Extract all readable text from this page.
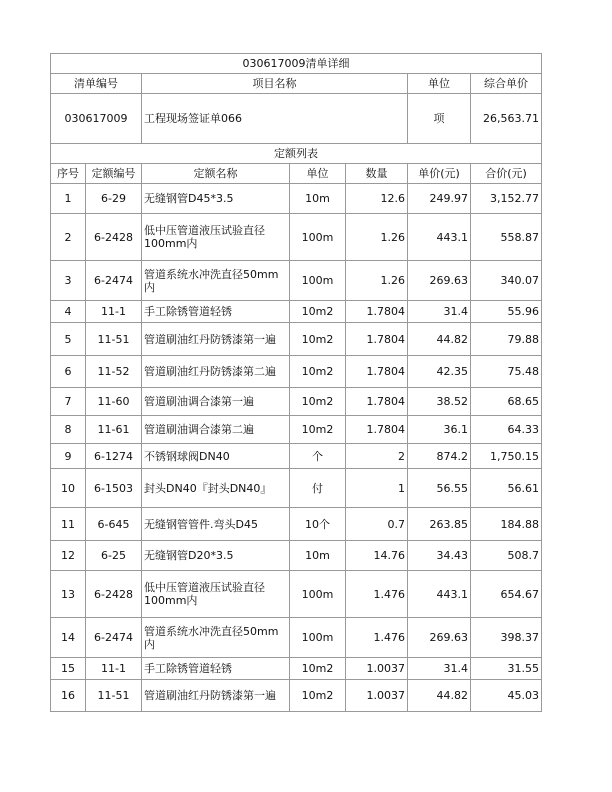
030617009清单详细						
清单编号		项目名称			单位	综合单价
030617009		工程现场签证单066			项	26,563.71
定额列表						
序号	定额编号	定额名称	单位	数量	单价(元)	合价(元)
1	6-29	无缝钢管D45*3.5	10m	12.6	249.97	3,152.77
2	6-2428	低中压管道液压试验直径100mm内	100m	1.26	443.1	558.87
3	6-2474	管道系统水冲洗直径50mm内	100m	1.26	269.63	340.07
4	11-1	手工除锈管道轻锈	10m2	1.7804	31.4	55.96
5	11-51	管道刷油红丹防锈漆第一遍	10m2	1.7804	44.82	79.88
6	11-52	管道刷油红丹防锈漆第二遍	10m2	1.7804	42.35	75.48
7	11-60	管道刷油调合漆第一遍	10m2	1.7804	38.52	68.65
8	11-61	管道刷油调合漆第二遍	10m2	1.7804	36.1	64.33
9	6-1274	不锈钢球阀DN40	个	2	874.2	1,750.15
10	6-1503	封头DN40『封头DN40』	付	1	56.55	56.61
11	6-645	无缝钢管管件.弯头D45	10个	0.7	263.85	184.88
12	6-25	无缝钢管D20*3.5	10m	14.76	34.43	508.7
13	6-2428	低中压管道液压试验直径100mm内	100m	1.476	443.1	654.67
14	6-2474	管道系统水冲洗直径50mm内	100m	1.476	269.63	398.37
15	11-1	手工除锈管道轻锈	10m2	1.0037	31.4	31.55
16	11-51	管道刷油红丹防锈漆第一遍	10m2	1.0037	44.82	45.03
